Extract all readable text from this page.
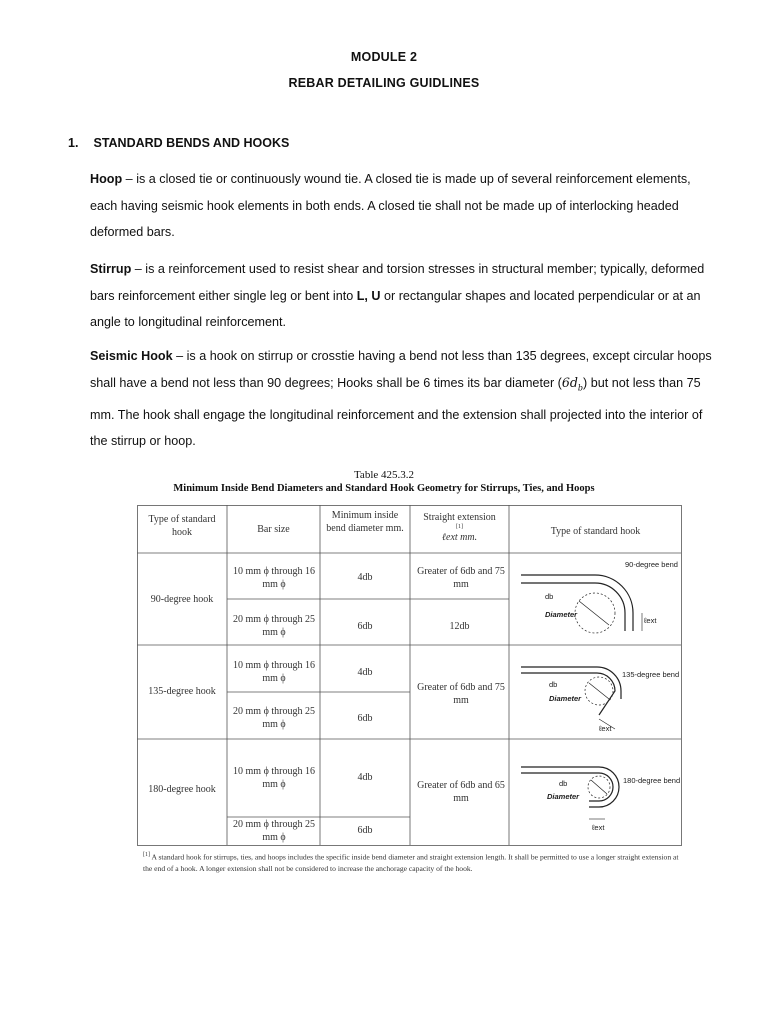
MODULE 2
REBAR DETAILING GUIDLINES
1. STANDARD BENDS AND HOOKS
Hoop – is a closed tie or continuously wound tie. A closed tie is made up of several reinforcement elements, each having seismic hook elements in both ends. A closed tie shall not be made up of interlocking headed deformed bars.
Stirrup – is a reinforcement used to resist shear and torsion stresses in structural member; typically, deformed bars reinforcement either single leg or bent into L, U or rectangular shapes and located perpendicular or at an angle to longitudinal reinforcement.
Seismic Hook – is a hook on stirrup or crosstie having a bend not less than 135 degrees, except circular hoops shall have a bend not less than 90 degrees; Hooks shall be 6 times its bar diameter $(6d_b)$ but not less than 75 mm. The hook shall engage the longitudinal reinforcement and the extension shall projected into the interior of the stirrup or hoop.
Table 425.3.2
Minimum Inside Bend Diameters and Standard Hook Geometry for Stirrups, Ties, and Hoops
90-degree bend
db
Diameter
ℓext
135-degree bend
db
Diameter
ℓext
180-degree bend
db
Diameter
ℓext
Type of standard hook	Bar size
Minimum inside bend diameter mm.
Straight extension
[1]
ℓext mm.
Type of standard hook
90-degree hook
10 mm ϕ through 16 mm ϕ
4db
20 mm ϕ through 25 mm ϕ
6db
Greater of 6db and 75 mm
12db
135-degree hook
10 mm ϕ through 16 mm ϕ
4db
20 mm ϕ through 25 mm ϕ
6db
Greater of 6db and 75 mm
180-degree hook
10 mm ϕ through 16 mm ϕ
4db
20 mm ϕ through 25 mm ϕ
6db
Greater of 6db and 65 mm
[1] A standard hook for stirrups, ties, and hoops includes the specific inside bend diameter and straight extension length. It shall be permitted to use a longer straight extension at the end of a hook. A longer extension shall not be considered to increase the anchorage capacity of the hook.
